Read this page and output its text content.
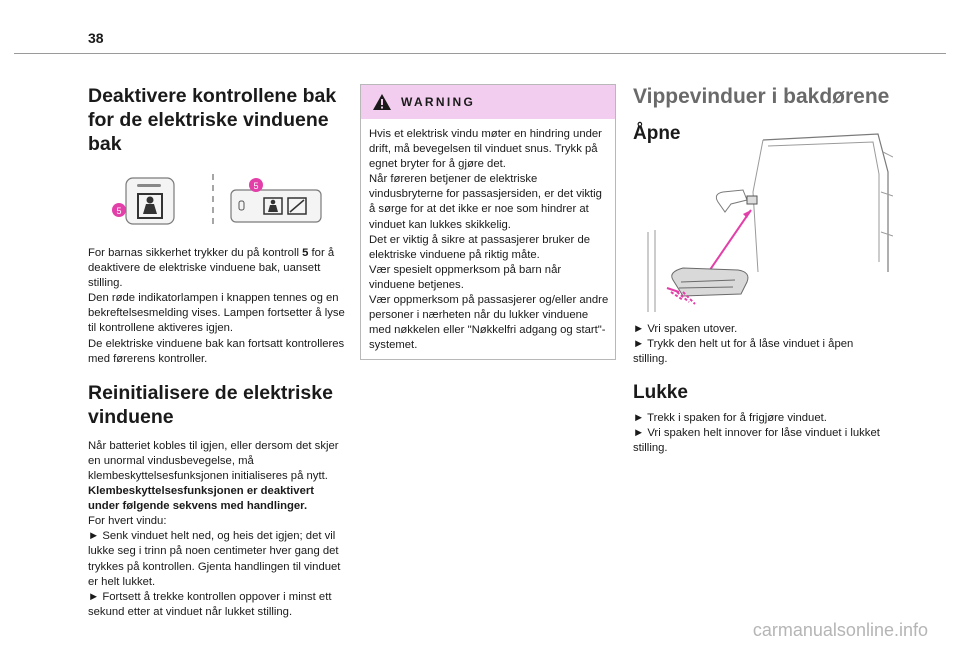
38
Deaktivere kontrollene bak for de elektriske vinduene bak
5
5

For barnas sikkerhet trykker du på kontroll 5 for å deaktivere de elektriske vinduene bak, uansett stilling.

Den røde indikatorlampen i knappen tennes og en bekreftelsesmelding vises. Lampen fortsetter å lyse til kontrollene aktiveres igjen.

De elektriske vinduene bak kan fortsatt kontrolleres med førerens kontroller.

Reinitialisere de elektriske vinduene

Når batteriet kobles til igjen, eller dersom det skjer en unormal vindusbevegelse, må klembeskyttelsesfunksjonen initialiseres på nytt.

Klembeskyttelsesfunksjonen er deaktivert under følgende sekvens med handlinger.

For hvert vindu:

► Senk vinduet helt ned, og heis det igjen; det vil lukke seg i trinn på noen centimeter hver gang det trykkes på kontrollen. Gjenta handlingen til vinduet er helt lukket.

► Fortsett å trekke kontrollen oppover i minst ett sekund etter at vinduet når lukket stilling.

WARNING

Hvis et elektrisk vindu møter en hindring under drift, må bevegelsen til vinduet snus. Trykk på egnet bryter for å gjøre det.

Når føreren betjener de elektriske vindusbryterne for passasjersiden, er det viktig å sørge for at det ikke er noe som hindrer at vinduet kan lukkes skikkelig.

Det er viktig å sikre at passasjerer bruker de elektriske vinduene på riktig måte.

Vær spesielt oppmerksom på barn når vinduene betjenes.

Vær oppmerksom på passasjerer og/eller andre personer i nærheten når du lukker vinduene med nøkkelen eller "Nøkkelfri adgang og start"-systemet.

Vippevinduer i bakdørene
Åpne

► Vri spaken utover.

► Trykk den helt ut for å låse vinduet i åpen stilling.

Lukke

► Trekk i spaken for å frigjøre vinduet.

► Vri spaken helt innover for låse vinduet i lukket stilling.

carmanualsonline.info
